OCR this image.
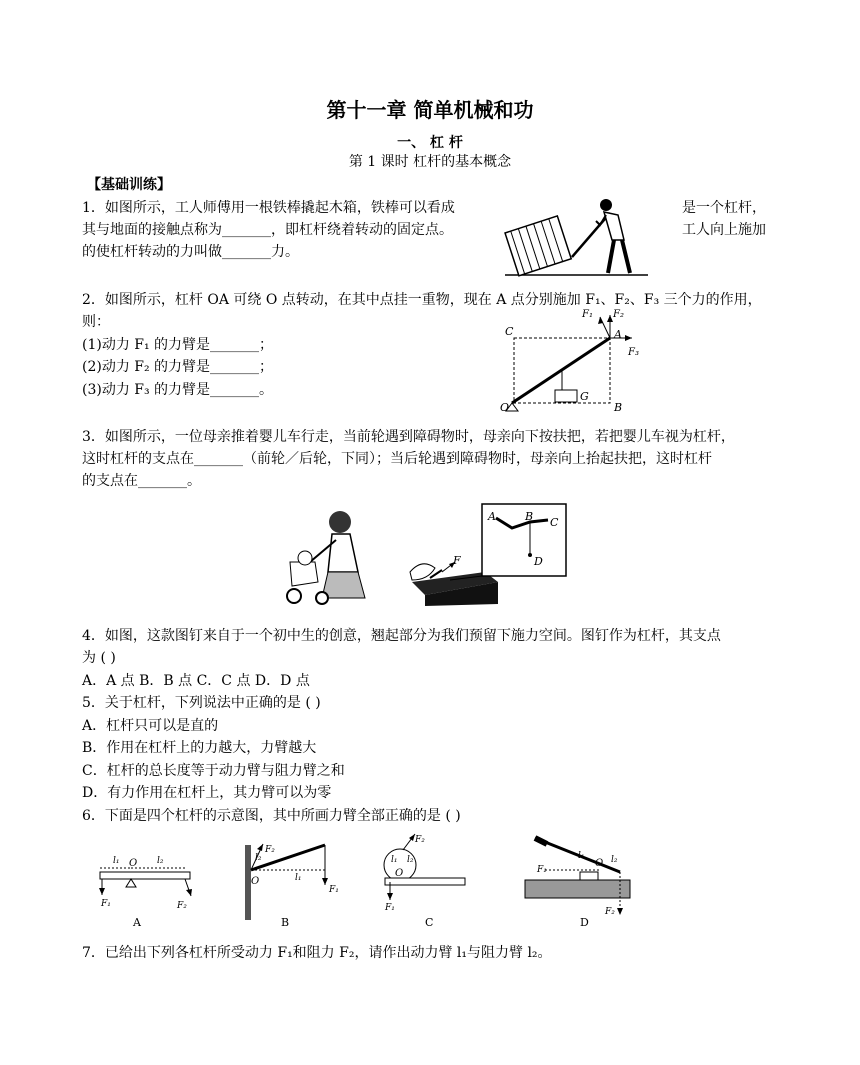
第十一章 简单机械和功
一、 杠 杆
第 1 课时 杠杆的基本概念
【基础训练】
1．如图所示，工人师傅用一根铁棒撬起木箱，铁棒可以看成	是一个杠杆，
其与地面的接触点称为_______，即杠杆绕着转动的固定点。	工人向上施加
的使杠杆转动的力叫做_______力。
2．如图所示，杠杆 OA 可绕 O 点转动，在其中点挂一重物，现在 A 点分别施加 F₁、F₂、F₃ 三个力的作用，
则：
(1)动力 F₁ 的力臂是_______；
(2)动力 F₂ 的力臂是_______；
(3)动力 F₃ 的力臂是_______。
C	A
O	B
G
F₁ F₂
F₃
3．如图所示，一位母亲推着婴儿车行走，当前轮遇到障碍物时，母亲向下按扶把，若把婴儿车视为杠杆，
这时杠杆的支点在_______（前轮／后轮，下同）；当后轮遇到障碍物时，母亲向上抬起扶把，这时杠杆
的支点在_______。
F
A	B C
D
4．如图，这款图钉来自于一个初中生的创意，翘起部分为我们预留下施力空间。图钉作为杠杆，其支点
为 ( )
A．A 点 B．B 点 C．C 点 D．D 点
5．关于杠杆，下列说法中正确的是 ( )
A．杠杆只可以是直的
B．作用在杠杆上的力越大，力臂越大
C．杠杆的总长度等于动力臂与阻力臂之和
D．有力作用在杠杆上，其力臂可以为零
6．下面是四个杠杆的示意图，其中所画力臂全部正确的是 ( )
l₁ O l₂
F₁	F₂
A
l₂
F₂
O	l₁
F₁
B
F₂
l₁ l₂
O
F₁
C
F₁
l₁
O l₂
F₂
D
7．已给出下列各杠杆所受动力 F₁和阻力 F₂，请作出动力臂 l₁与阻力臂 l₂。
